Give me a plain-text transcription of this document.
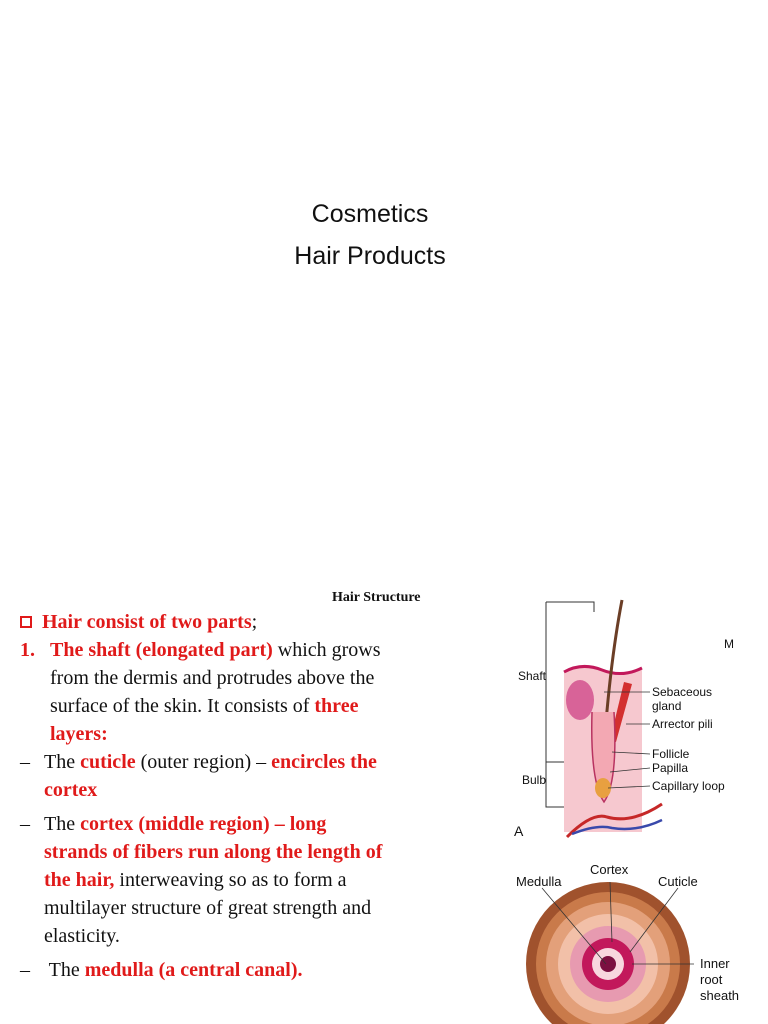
Cosmetics
Hair Products
Hair Structure
Hair consist of two parts;
1. The shaft (elongated part) which grows
from the dermis and protrudes above the
surface of the skin. It consists of three
layers:
– The cuticle (outer region) – encircles the
cortex
– The cortex (middle region) – long
strands of fibers run along the length of
the hair, interweaving so as to form a
multilayer structure of great strength and
elasticity.
– The medulla (a central canal).
Shaft
Bulb
Sebaceous
gland
Arrector pili
Follicle
Papilla
Capillary loop
M
A
Medulla
Cortex
Cuticle
Inner
root
sheath
